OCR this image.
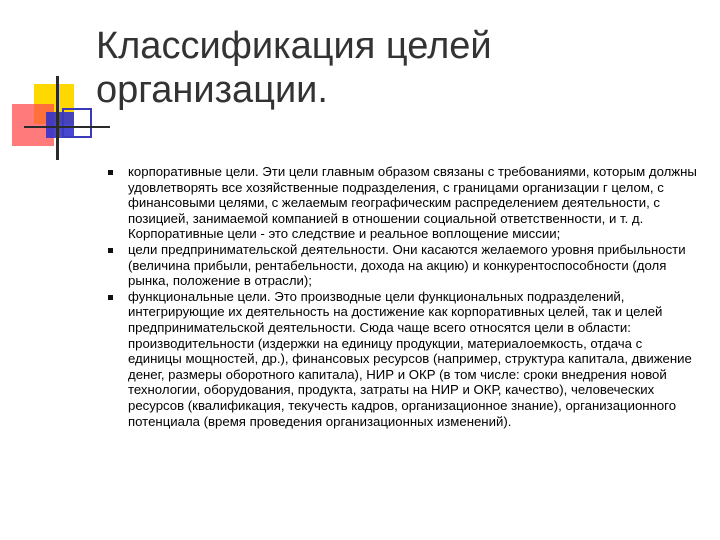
Классификация целей
организации.
корпоративные цели. Эти цели главным образом связаны с требованиями, которым должны удовлетворять все хозяйственные подразделения, с границами организации г целом, с финансовыми целями, с желаемым географическим распределением деятельности, с позицией, занимаемой компанией в отношении социальной ответственности, и т. д. Корпоративные цели - это следствие и реальное воплощение миссии;
цели предпринимательской деятельности. Они касаются желаемого уровня прибыльности (величина прибыли, рентабельности, дохода на акцию) и конкурентоспособности (доля рынка, положение в отрасли);
функциональные цели. Это производные цели функциональных подразделений, интегрирующие их деятельность на достижение как корпоративных целей, так и целей предпринимательской деятельности. Сюда чаще всего относятся цели в области: производительности (издержки на единицу продукции, материалоемкость, отдача с единицы мощностей, др.), финансовых ресурсов (например, структура капитала, движение денег, размеры оборотного капитала), НИР и ОКР (в том числе: сроки внедрения новой технологии, оборудования, продукта, затраты на НИР и ОКР, качество), человеческих ресурсов (квалификация, текучесть кадров, организационное знание), организационного потенциала (время проведения организационных изменений).
